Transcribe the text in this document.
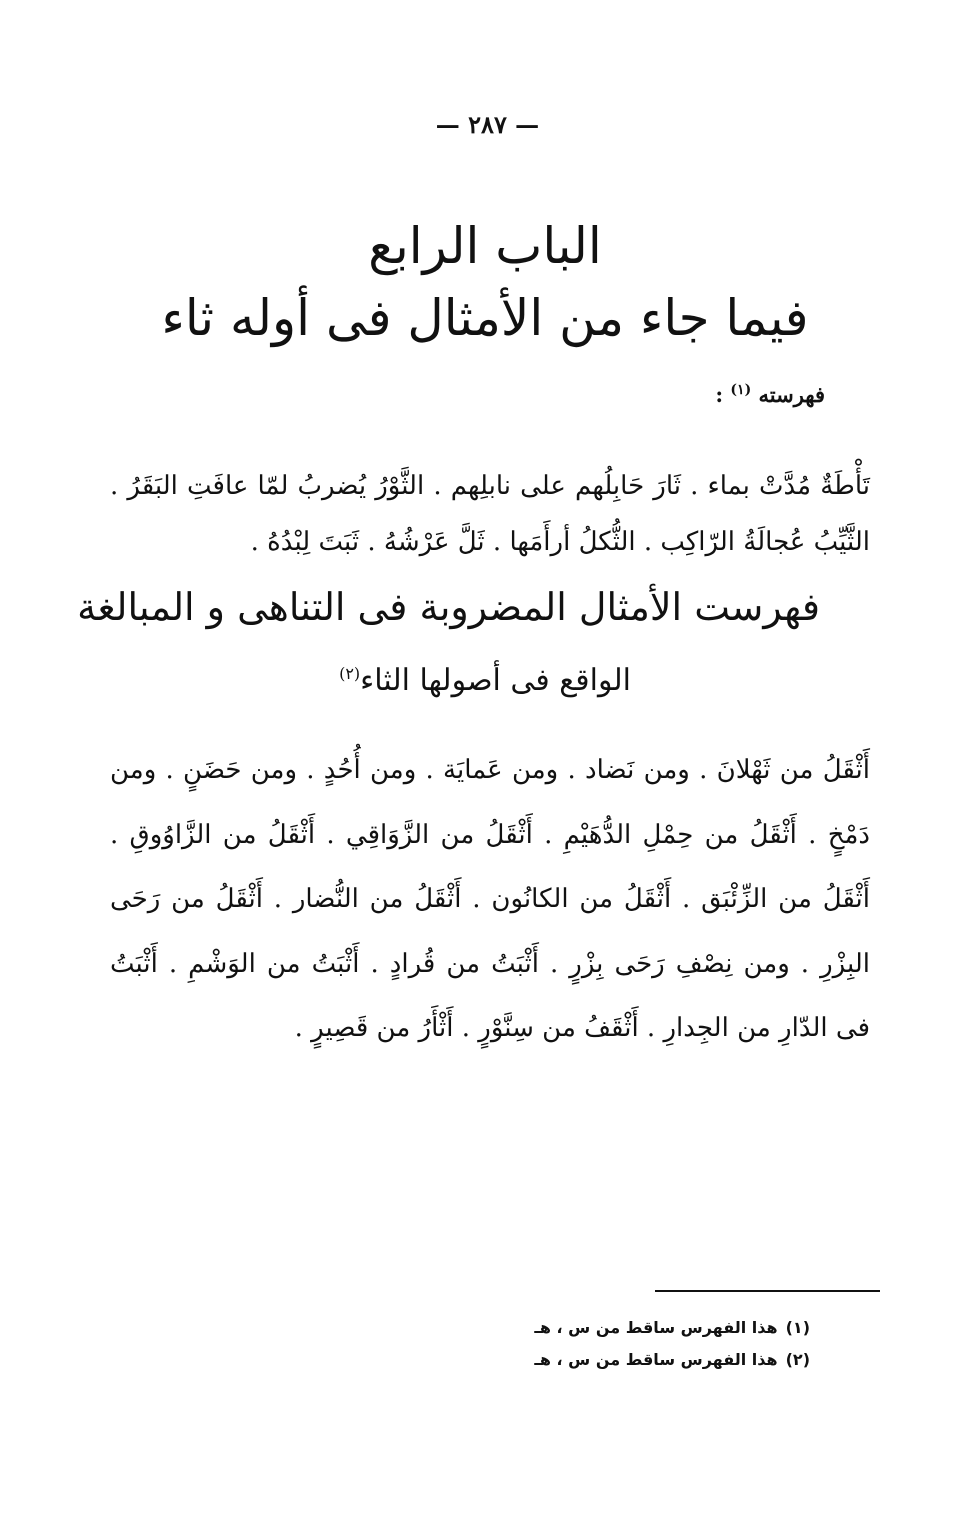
— ٢٨٧ —
الباب الرابع
فيما جاء من الأمثال فى أوله ثاء
فهرسته $^{(١)}$ :
تَأْطَةٌ مُدَّتْ بماء . ثَارَ حَابِلُهم على نابلِهم . الثَّوْرُ يُضربُ لمّا عافَتِ البَقَرُ . الثَّيِّبُ عُجالَةُ الرّاكِب . الثُّكلُ أرأَمَها . ثَلَّ عَرْشُهُ . ثَبَتَ لِبْدُهُ .
فهرست الأمثال المضروبة فى التناهى و المبالغة
الواقع فى أصولها الثاء$^{(٢)}$
أَثْقَلُ من ثَهْلانَ . ومن نَضاد . ومن عَمايَة . ومن أُحُدٍ . ومن حَضَنٍ . ومن دَمْخٍ . أَثْقَلُ من حِمْلِ الدُّهَيْمِ . أَثْقَلُ من الزَّوَاقِي . أَثْقَلُ من الزَّاوُوقِ . أَثْقَلُ من الزِّئْبَق . أَثْقَلُ من الكانُون . أَثْقَلُ من النُّضار . أَثْقَلُ من رَحَى البِزْرِ . ومن نِصْفِ رَحَى بِزْرٍ . أَثْبَتُ من قُرادٍ . أَثْبَتُ من الوَشْمِ . أَثْبَتُ فى الدّارِ من الجِدارِ . أَثْقَفُ من سِنَّوْرٍ . أَثْأَرُ من قَصِيرٍ .
(١)هذا الفهرس ساقط من س ، هـ
(٢)هذا الفهرس ساقط من س ، هـ
